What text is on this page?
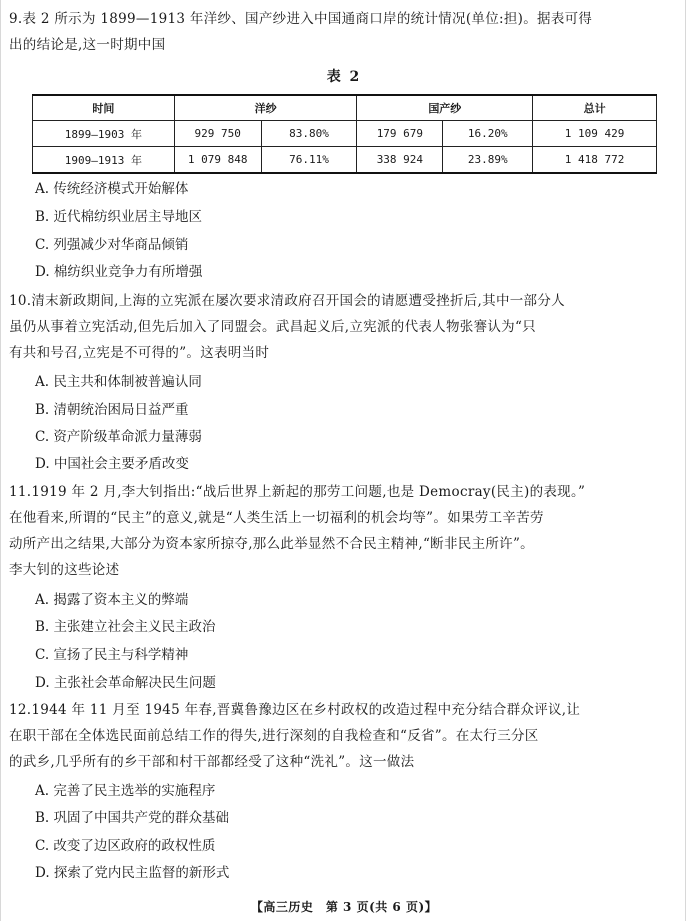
9.表 2 所示为 1899—1913 年洋纱、国产纱进入中国通商口岸的统计情况(单位:担)。据表可得
出的结论是,这一时期中国
表 2
时间	洋纱		国产纱		总计
1899—1903 年	929 750	83.80%	179 679	16.20%	1 109 429
1909—1913 年	1 079 848	76.11%	338 924	23.89%	1 418 772
A. 传统经济模式开始解体
B. 近代棉纺织业居主导地区
C. 列强减少对华商品倾销
D. 棉纺织业竞争力有所增强
10.清末新政期间,上海的立宪派在屡次要求清政府召开国会的请愿遭受挫折后,其中一部分人
虽仍从事着立宪活动,但先后加入了同盟会。武昌起义后,立宪派的代表人物张謇认为“只
有共和号召,立宪是不可得的”。这表明当时
A. 民主共和体制被普遍认同
B. 清朝统治困局日益严重
C. 资产阶级革命派力量薄弱
D. 中国社会主要矛盾改变
11.1919 年 2 月,李大钊指出:“战后世界上新起的那劳工问题,也是 Democray(民主)的表现。”
在他看来,所谓的“民主”的意义,就是“人类生活上一切福利的机会均等”。如果劳工辛苦劳
动所产出之结果,大部分为资本家所掠夺,那么此举显然不合民主精神,“断非民主所许”。
李大钊的这些论述
A. 揭露了资本主义的弊端
B. 主张建立社会主义民主政治
C. 宣扬了民主与科学精神
D. 主张社会革命解决民生问题
12.1944 年 11 月至 1945 年春,晋冀鲁豫边区在乡村政权的改造过程中充分结合群众评议,让
在职干部在全体选民面前总结工作的得失,进行深刻的自我检查和“反省”。在太行三分区
的武乡,几乎所有的乡干部和村干部都经受了这种“洗礼”。这一做法
A. 完善了民主选举的实施程序
B. 巩固了中国共产党的群众基础
C. 改变了边区政府的政权性质
D. 探索了党内民主监督的新形式
【高三历史　第 3 页(共 6 页)】
